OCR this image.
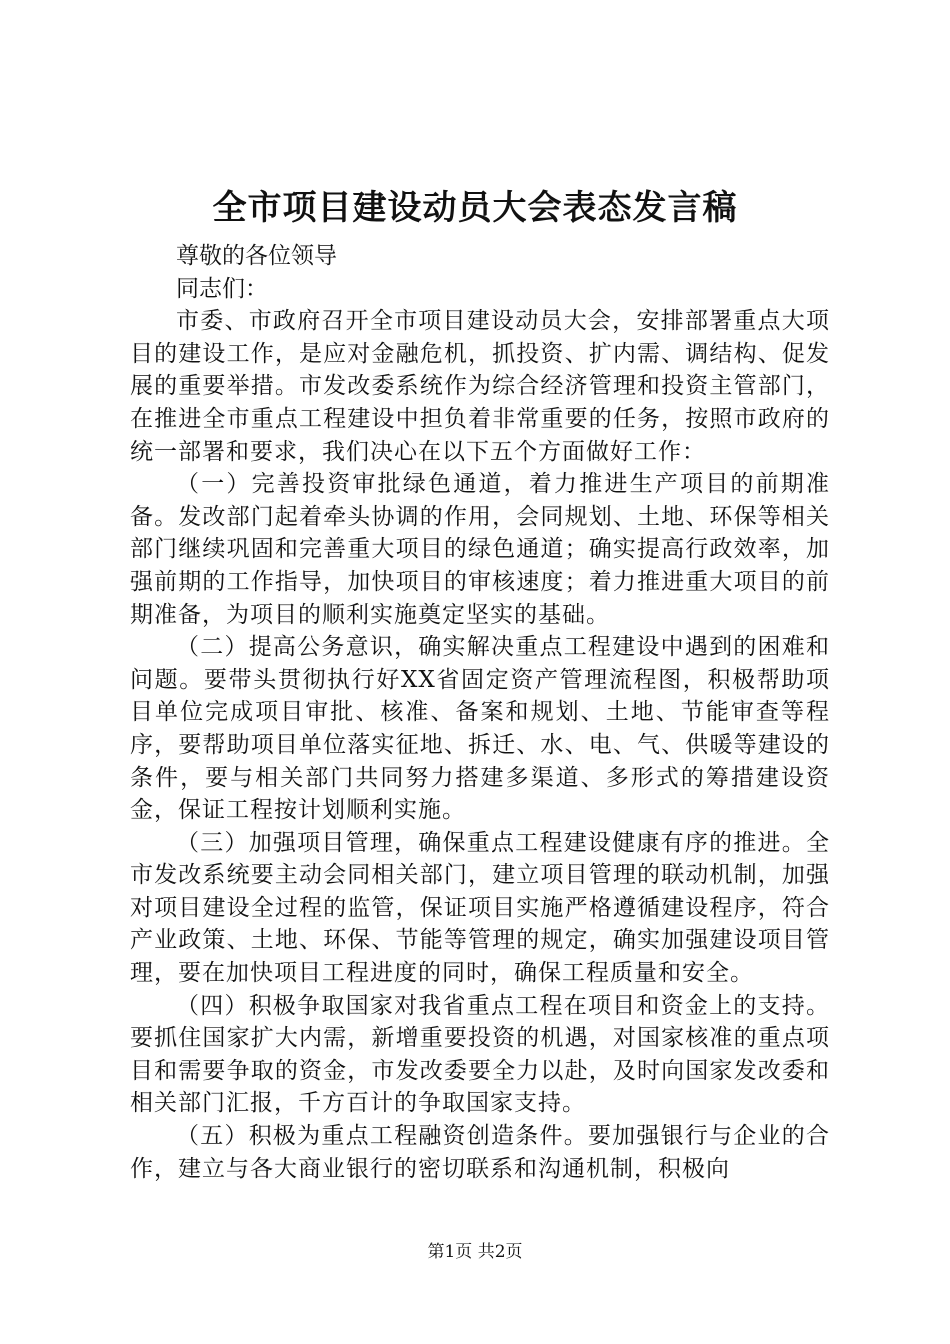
全市项目建设动员大会表态发言稿
尊敬的各位领导
同志们：

市委、市政府召开全市项目建设动员大会，安排部署重点大项目的建设工作，是应对金融危机，抓投资、扩内需、调结构、促发展的重要举措。市发改委系统作为综合经济管理和投资主管部门，在推进全市重点工程建设中担负着非常重要的任务，按照市政府的统一部署和要求，我们决心在以下五个方面做好工作：

（一）完善投资审批绿色通道，着力推进生产项目的前期准备。发改部门起着牵头协调的作用，会同规划、土地、环保等相关部门继续巩固和完善重大项目的绿色通道；确实提高行政效率，加强前期的工作指导，加快项目的审核速度；着力推进重大项目的前期准备，为项目的顺利实施奠定坚实的基础。

（二）提高公务意识，确实解决重点工程建设中遇到的困难和问题。要带头贯彻执行好XX省固定资产管理流程图，积极帮助项目单位完成项目审批、核准、备案和规划、土地、节能审查等程序，要帮助项目单位落实征地、拆迁、水、电、气、供暖等建设的条件，要与相关部门共同努力搭建多渠道、多形式的筹措建设资金，保证工程按计划顺利实施。

（三）加强项目管理，确保重点工程建设健康有序的推进。全市发改系统要主动会同相关部门，建立项目管理的联动机制，加强对项目建设全过程的监管，保证项目实施严格遵循建设程序，符合产业政策、土地、环保、节能等管理的规定，确实加强建设项目管理，要在加快项目工程进度的同时，确保工程质量和安全。

（四）积极争取国家对我省重点工程在项目和资金上的支持。要抓住国家扩大内需，新增重要投资的机遇，对国家核准的重点项目和需要争取的资金，市发改委要全力以赴，及时向国家发改委和相关部门汇报，千方百计的争取国家支持。

（五）积极为重点工程融资创造条件。要加强银行与企业的合作，建立与各大商业银行的密切联系和沟通机制，积极向

第1页 共2页
